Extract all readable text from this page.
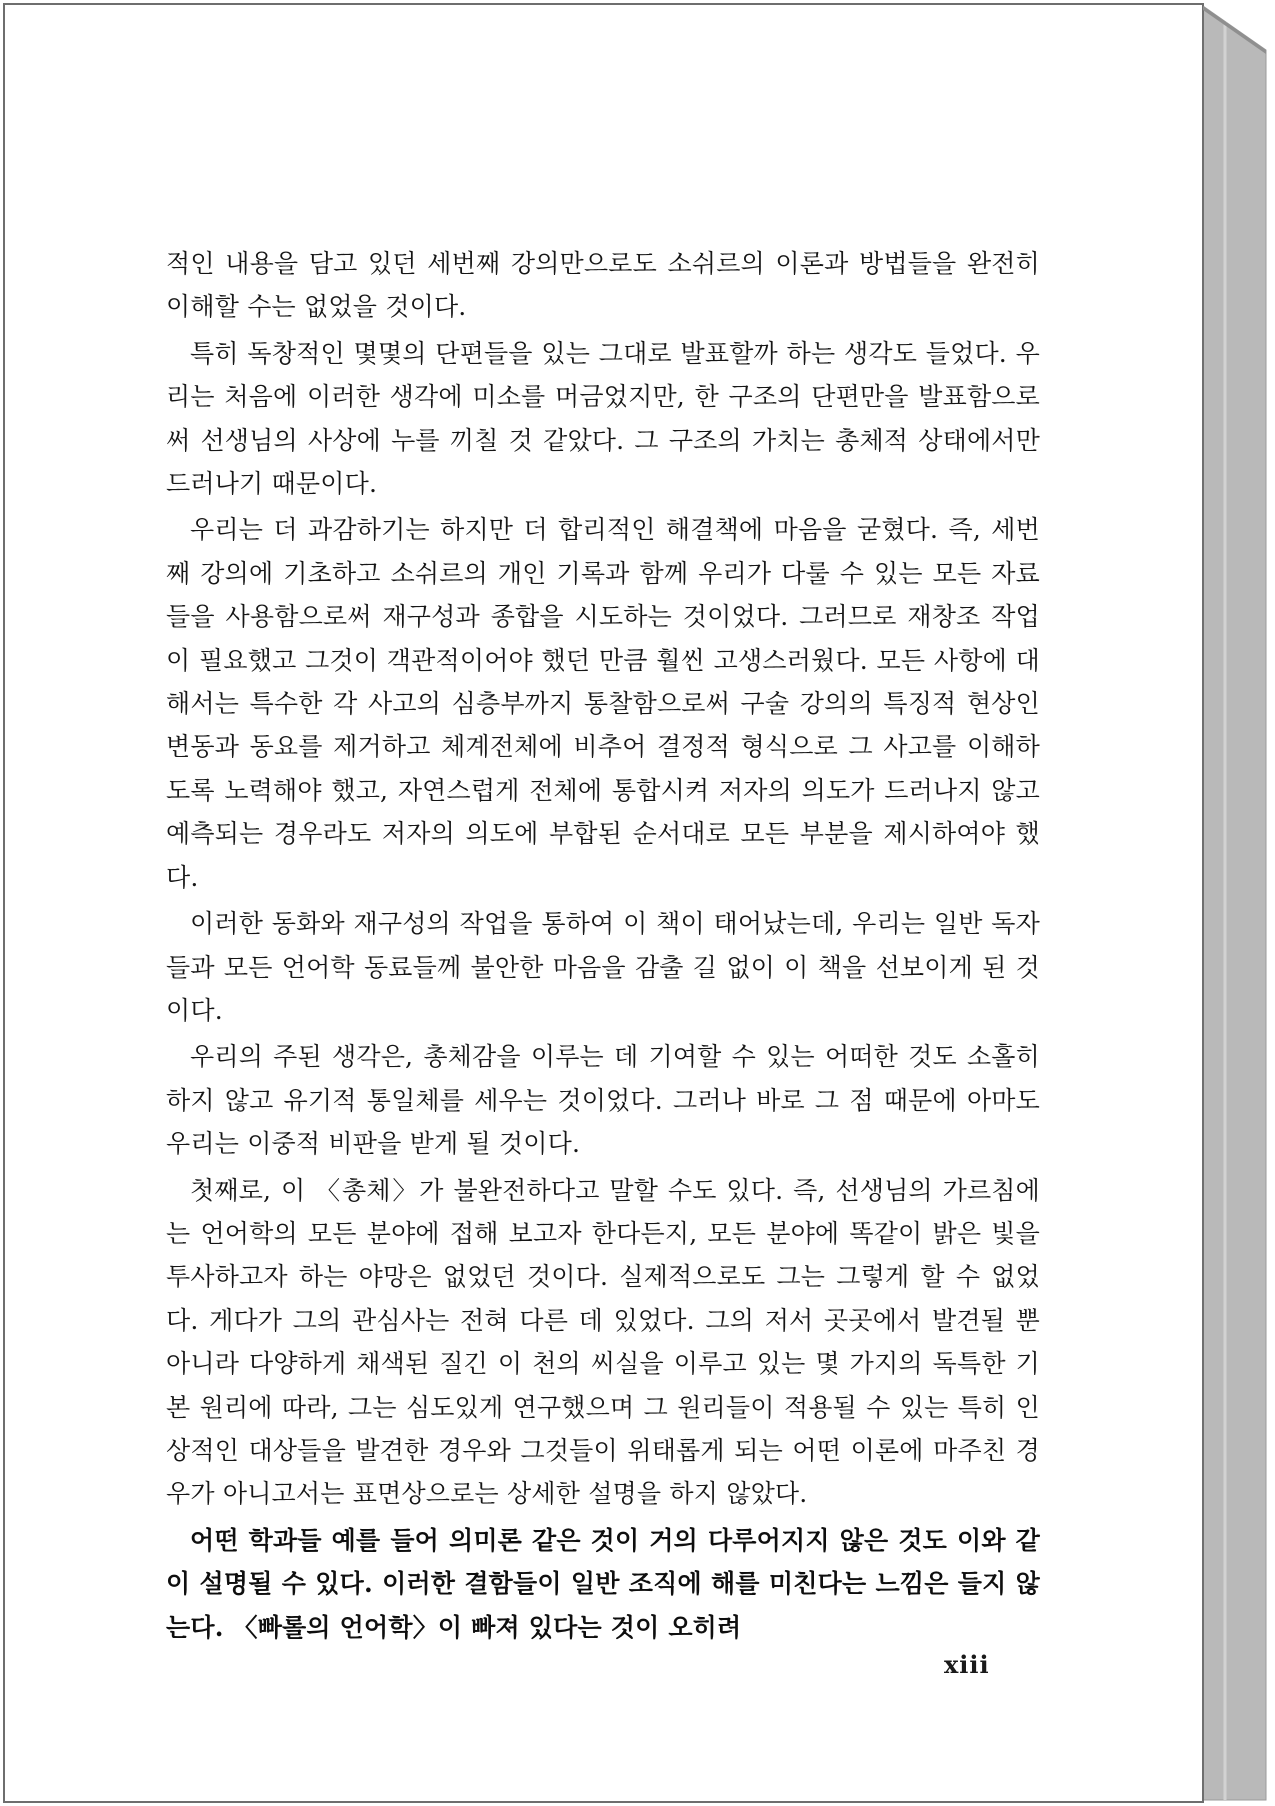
적인 내용을 담고 있던 세번째 강의만으로도 소쉬르의 이론과 방법들을 완전히 이해할 수는 없었을 것이다.

특히 독창적인 몇몇의 단편들을 있는 그대로 발표할까 하는 생각도 들었다. 우리는 처음에 이러한 생각에 미소를 머금었지만, 한 구조의 단편만을 발표함으로써 선생님의 사상에 누를 끼칠 것 같았다. 그 구조의 가치는 총체적 상태에서만 드러나기 때문이다.

우리는 더 과감하기는 하지만 더 합리적인 해결책에 마음을 굳혔다. 즉, 세번째 강의에 기초하고 소쉬르의 개인 기록과 함께 우리가 다룰 수 있는 모든 자료들을 사용함으로써 재구성과 종합을 시도하는 것이었다. 그러므로 재창조 작업이 필요했고 그것이 객관적이어야 했던 만큼 훨씬 고생스러웠다. 모든 사항에 대해서는 특수한 각 사고의 심층부까지 통찰함으로써 구술 강의의 특징적 현상인 변동과 동요를 제거하고 체계전체에 비추어 결정적 형식으로 그 사고를 이해하도록 노력해야 했고, 자연스럽게 전체에 통합시켜 저자의 의도가 드러나지 않고 예측되는 경우라도 저자의 의도에 부합된 순서대로 모든 부분을 제시하여야 했다.

이러한 동화와 재구성의 작업을 통하여 이 책이 태어났는데, 우리는 일반 독자들과 모든 언어학 동료들께 불안한 마음을 감출 길 없이 이 책을 선보이게 된 것이다.

우리의 주된 생각은, 총체감을 이루는 데 기여할 수 있는 어떠한 것도 소홀히 하지 않고 유기적 통일체를 세우는 것이었다. 그러나 바로 그 점 때문에 아마도 우리는 이중적 비판을 받게 될 것이다.

첫째로, 이 〈총체〉가 불완전하다고 말할 수도 있다. 즉, 선생님의 가르침에는 언어학의 모든 분야에 접해 보고자 한다든지, 모든 분야에 똑같이 밝은 빛을 투사하고자 하는 야망은 없었던 것이다. 실제적으로도 그는 그렇게 할 수 없었다. 게다가 그의 관심사는 전혀 다른 데 있었다. 그의 저서 곳곳에서 발견될 뿐 아니라 다양하게 채색된 질긴 이 천의 씨실을 이루고 있는 몇 가지의 독특한 기본 원리에 따라, 그는 심도있게 연구했으며 그 원리들이 적용될 수 있는 특히 인상적인 대상들을 발견한 경우와 그것들이 위태롭게 되는 어떤 이론에 마주친 경우가 아니고서는 표면상으로는 상세한 설명을 하지 않았다.

어떤 학과들 예를 들어 의미론 같은 것이 거의 다루어지지 않은 것도 이와 같이 설명될 수 있다. 이러한 결함들이 일반 조직에 해를 미친다는 느낌은 들지 않는다. 〈빠롤의 언어학〉이 빠져 있다는 것이 오히려

xiii
